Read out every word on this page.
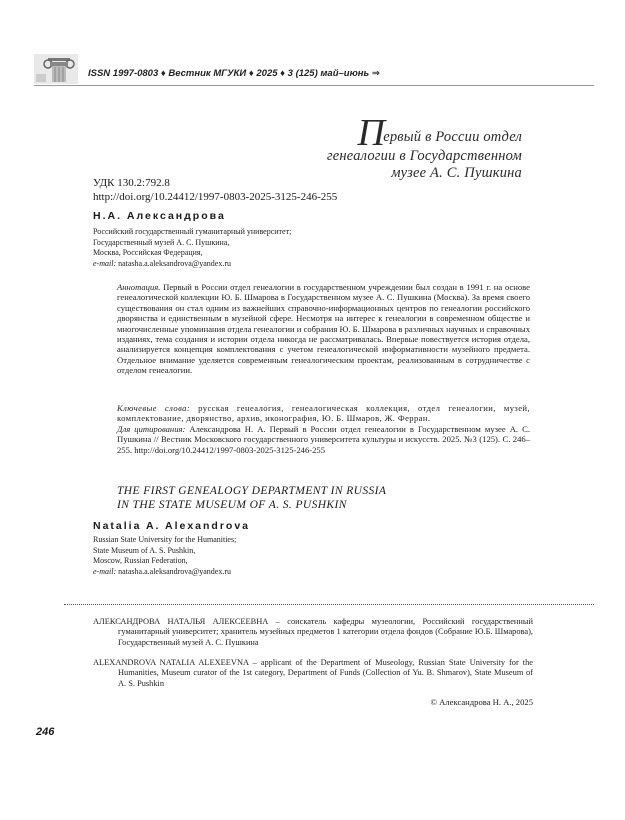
ISSN 1997-0803 ♦ Вестник МГУКИ ♦ 2025 ♦ 3 (125) май–июнь ⇒
Первый в России отдел
генеалогии в Государственном
музее А. С. Пушкина
УДК 130.2:792.8
http://doi.org/10.24412/1997-0803-2025-3125-246-255
Н.А. Александрова
Российский государственный гуманитарный университет;
Государственный музей А. С. Пушкина,
Москва, Российская Федерация,
e-mail: natasha.a.aleksandrova@yandex.ru
Аннотация. Первый в России отдел генеалогии в государственном учреждении был создан в 1991 г. на основе генеалогической коллекции Ю. Б. Шмарова в Государственном музее А. С. Пушкина (Москва). За время своего существования он стал одним из важнейших справочно-информационных центров по генеалогии российского дворянства и единственным в музейной сфере. Несмотря на интерес к генеалогии в современном обществе и многочисленные упоминания отдела генеалогии и собрания Ю. Б. Шмарова в различных научных и справочных изданиях, тема создания и истории отдела никогда не рассматривалась. Впервые повествуется история отдела, анализируется концепция комплектования с учетом генеалогической информативности музейного предмета. Отдельное внимание уделяется современным генеалогическим проектам, реализованным в сотрудничестве с отделом генеалогии.
Ключевые слова: русская генеалогия, генеалогическая коллекция, отдел генеалогии, музей, комплектование, дворянство, архив, иконография, Ю. Б. Шмаров, Ж. Ферран.
Для цитирования: Александрова Н. А. Первый в России отдел генеалогии в Государственном музее А. С. Пушкина // Вестник Московского государственного университета культуры и искусств. 2025. №3 (125). С. 246–255. http://doi.org/10.24412/1997-0803-2025-3125-246-255
THE FIRST GENEALOGY DEPARTMENT IN RUSSIA
IN THE STATE MUSEUM OF A. S. PUSHKIN
Natalia A. Alexandrova
Russian State University for the Humanities;
State Museum of A. S. Pushkin,
Moscow, Russian Federation,
e-mail: natasha.a.aleksandrova@yandex.ru
АЛЕКСАНДРОВА НАТАЛЬЯ АЛЕКСЕЕВНА – соискатель кафедры музеологии, Российский государственный гуманитарный университет; хранитель музейных предметов 1 категории отдела фондов (Собрание Ю.Б. Шмарова), Государственный музей А. С. Пушкина
ALEXANDROVA NATALIA ALEXEEVNA – applicant of the Department of Museology, Russian State University for the Humanities, Museum curator of the 1st category, Department of Funds (Collection of Yu. B. Shmarov), State Museum of A. S. Pushkin
© Александрова Н. А., 2025
246
